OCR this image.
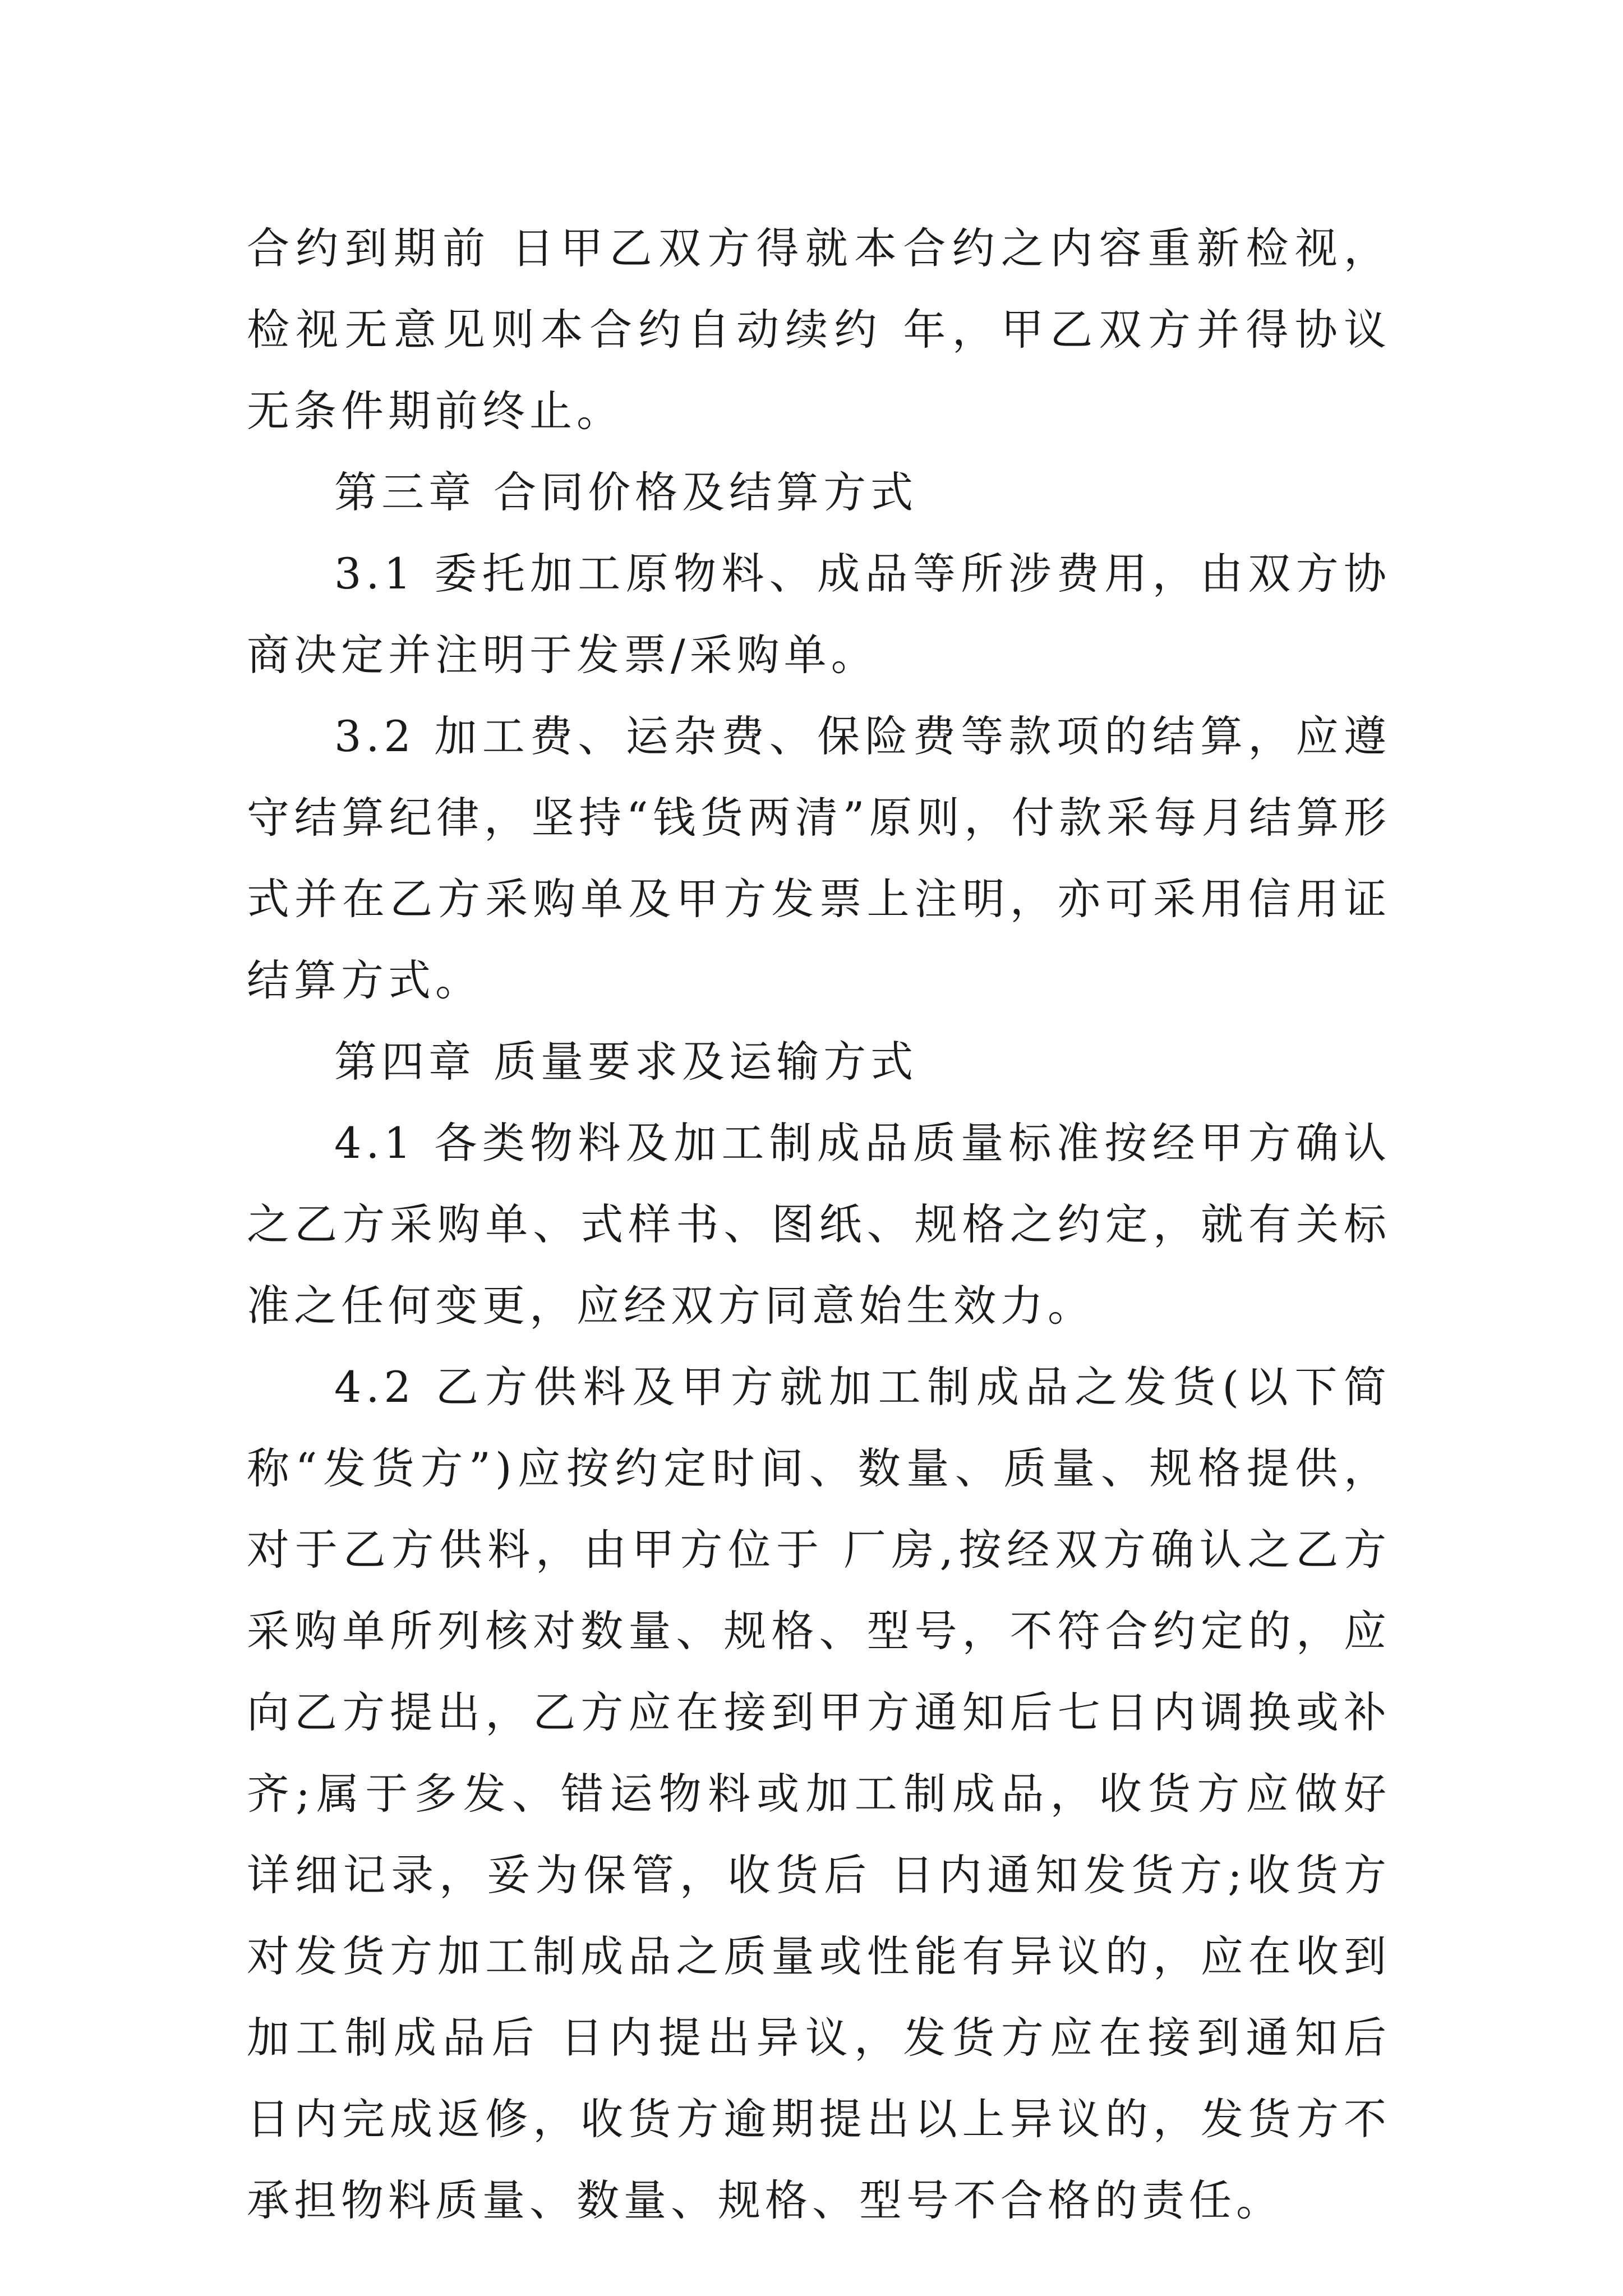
合约到期前 日甲乙双方得就本合约之内容重新检视，检视无意见则本合约自动续约 年，甲乙双方并得协议无条件期前终止。

第三章 合同价格及结算方式

3.1 委托加工原物料、成品等所涉费用，由双方协商决定并注明于发票/采购单。

3.2 加工费、运杂费、保险费等款项的结算，应遵守结算纪律，坚持“钱货两清”原则，付款采每月结算形式并在乙方采购单及甲方发票上注明，亦可采用信用证结算方式。

第四章 质量要求及运输方式

4.1 各类物料及加工制成品质量标准按经甲方确认之乙方采购单、式样书、图纸、规格之约定，就有关标准之任何变更，应经双方同意始生效力。

4.2 乙方供料及甲方就加工制成品之发货(以下简称“发货方”)应按约定时间、数量、质量、规格提供，对于乙方供料，由甲方位于 厂房,按经双方确认之乙方采购单所列核对数量、规格、型号，不符合约定的，应向乙方提出，乙方应在接到甲方通知后七日内调换或补齐;属于多发、错运物料或加工制成品，收货方应做好详细记录，妥为保管，收货后 日内通知发货方;收货方对发货方加工制成品之质量或性能有异议的，应在收到加工制成品后 日内提出异议，发货方应在接到通知后 日内完成返修，收货方逾期提出以上异议的，发货方不承担物料质量、数量、规格、型号不合格的责任。
